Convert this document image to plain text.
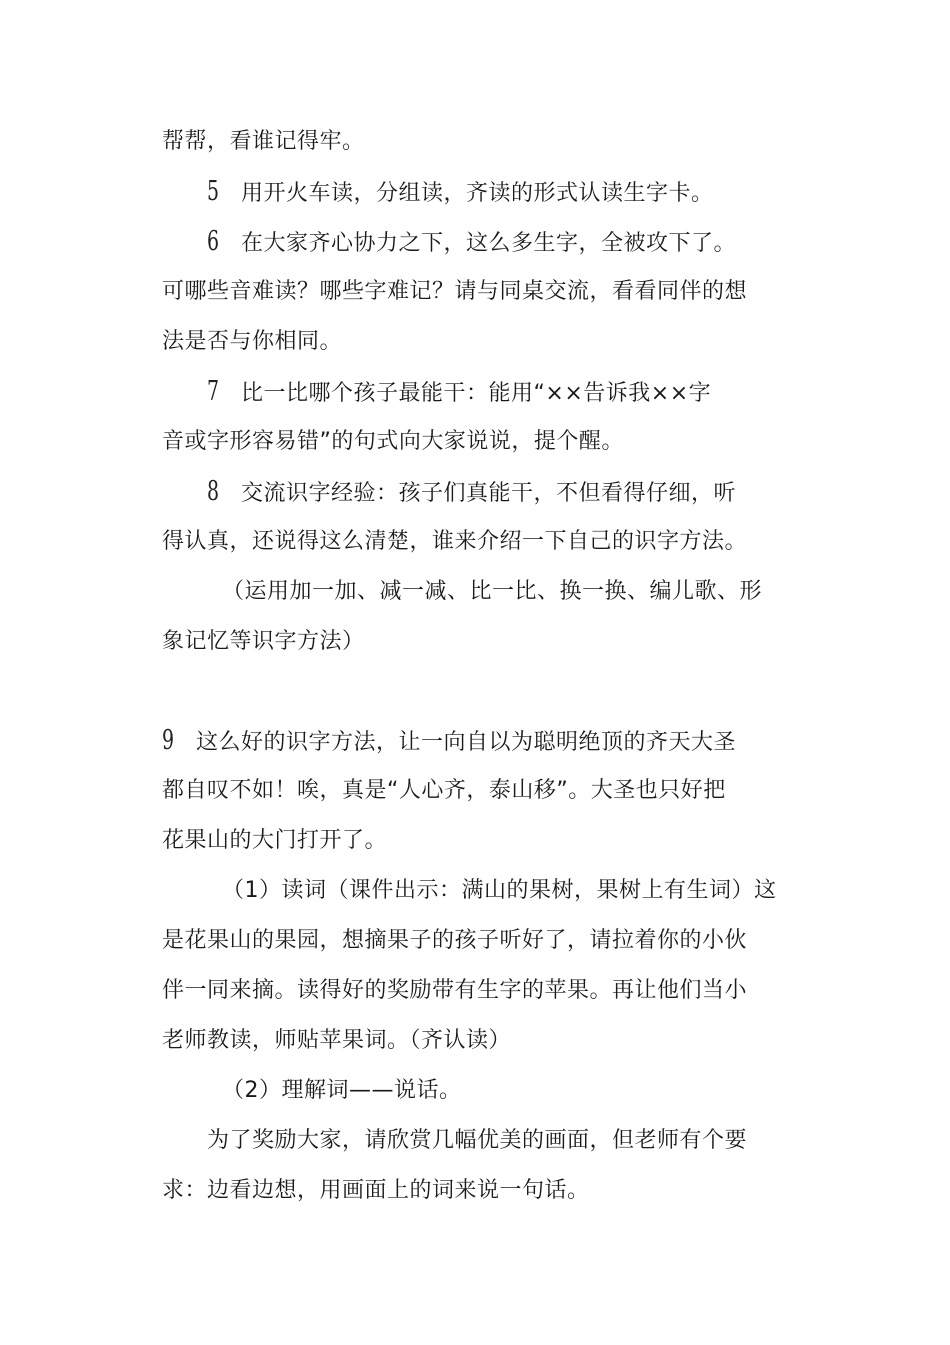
帮帮，看谁记得牢。
5 用开火车读，分组读，齐读的形式认读生字卡。
6 在大家齐心协力之下，这么多生字，全被攻下了。
可哪些音难读？哪些字难记？请与同桌交流，看看同伴的想
法是否与你相同。
7 比一比哪个孩子最能干：能用“××告诉我××字
音或字形容易错”的句式向大家说说，提个醒。
8 交流识字经验：孩子们真能干，不但看得仔细，听
得认真，还说得这么清楚，谁来介绍一下自己的识字方法。
（运用加一加、减一减、比一比、换一换、编儿歌、形
象记忆等识字方法）
9 这么好的识字方法，让一向自以为聪明绝顶的齐天大圣
都自叹不如！唉，真是“人心齐，泰山移”。大圣也只好把
花果山的大门打开了。
（1）读词（课件出示：满山的果树，果树上有生词）这
是花果山的果园，想摘果子的孩子听好了，请拉着你的小伙
伴一同来摘。读得好的奖励带有生字的苹果。再让他们当小
老师教读，师贴苹果词。（齐认读）
（2）理解词——说话。
为了奖励大家，请欣赏几幅优美的画面，但老师有个要
求：边看边想，用画面上的词来说一句话。
